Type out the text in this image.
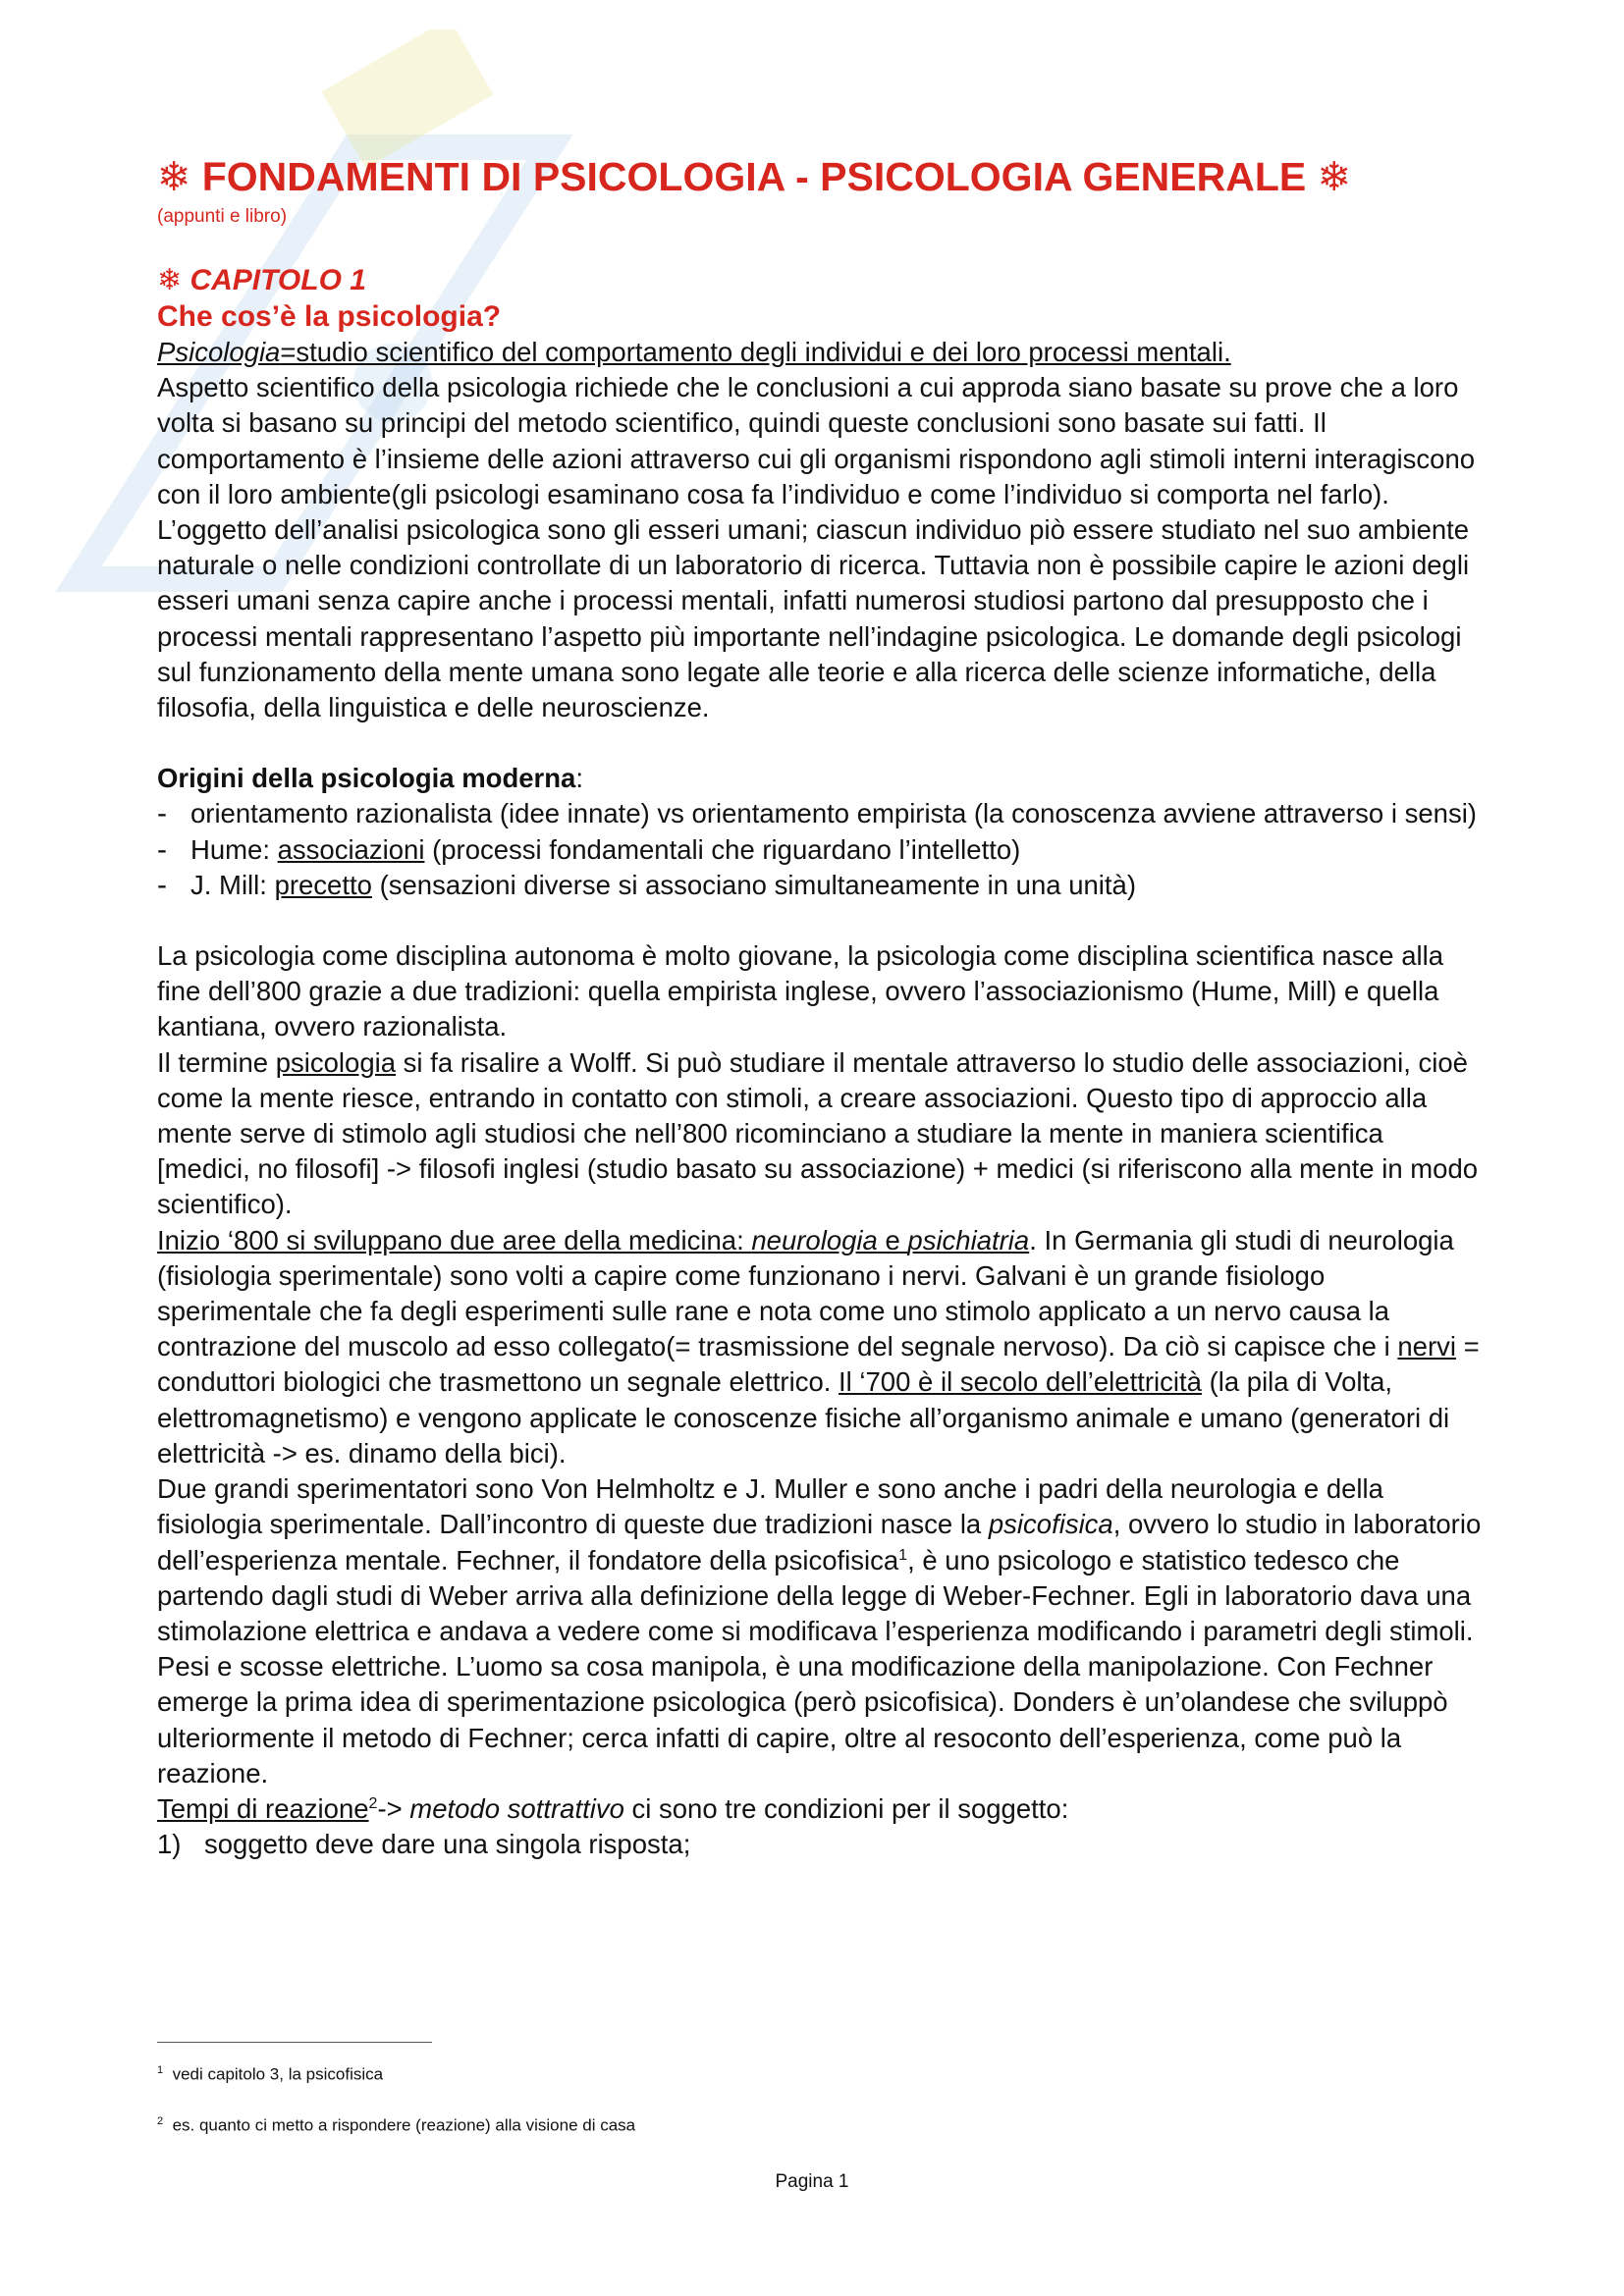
❄ FONDAMENTI DI PSICOLOGIA - PSICOLOGIA GENERALE ❄
(appunti e libro)
❄ CAPITOLO 1
Che cos’è la psicologia?

Psicologia=studio scientifico del comportamento degli individui e dei loro processi mentali.

Aspetto scientifico della psicologia richiede che le conclusioni a cui approda siano basate su prove che a loro volta si basano su principi del metodo scientifico, quindi queste conclusioni sono basate sui fatti. Il comportamento è l’insieme delle azioni attraverso cui gli organismi rispondono agli stimoli interni interagiscono con il loro ambiente(gli psicologi esaminano cosa fa l’individuo e come l’individuo si comporta nel farlo). L’oggetto dell’analisi psicologica sono gli esseri umani; ciascun individuo piò essere studiato nel suo ambiente naturale o nelle condizioni controllate di un laboratorio di ricerca. Tuttavia non è possibile capire le azioni degli esseri umani senza capire anche i processi mentali, infatti numerosi studiosi partono dal presupposto che i processi mentali rappresentano l’aspetto più importante nell’indagine psicologica. Le domande degli psicologi sul funzionamento della mente umana sono legate alle teorie e alla ricerca delle scienze informatiche, della filosofia, della linguistica e delle neuroscienze.

Origini della psicologia moderna:

- orientamento razionalista (idee innate) vs orientamento empirista (la conoscenza avviene attraverso i sensi)
- Hume: associazioni (processi fondamentali che riguardano l’intelletto)
- J. Mill: precetto (sensazioni diverse si associano simultaneamente in una unità)

La psicologia come disciplina autonoma è molto giovane, la psicologia come disciplina scientifica nasce alla fine dell’800 grazie a due tradizioni: quella empirista inglese, ovvero l’associazionismo (Hume, Mill) e quella kantiana, ovvero razionalista.

Il termine psicologia si fa risalire a Wolff. Si può studiare il mentale attraverso lo studio delle associazioni, cioè come la mente riesce, entrando in contatto con stimoli, a creare associazioni. Questo tipo di approccio alla mente serve di stimolo agli studiosi che nell’800 ricominciano a studiare la mente in maniera scientifica [medici, no filosofi] -> filosofi inglesi (studio basato su associazione) + medici (si riferiscono alla mente in modo scientifico).

Inizio ‘800 si sviluppano due aree della medicina: neurologia e psichiatria. In Germania gli studi di neurologia (fisiologia sperimentale) sono volti a capire come funzionano i nervi. Galvani è un grande fisiologo sperimentale che fa degli esperimenti sulle rane e nota come uno stimolo applicato a un nervo causa la contrazione del muscolo ad esso collegato(= trasmissione del segnale nervoso). Da ciò si capisce che i nervi = conduttori biologici che trasmettono un segnale elettrico. Il ‘700 è il secolo dell’elettricità (la pila di Volta, elettromagnetismo) e vengono applicate le conoscenze fisiche all’organismo animale e umano (generatori di elettricità -> es. dinamo della bici).

Due grandi sperimentatori sono Von Helmholtz e J. Muller e sono anche i padri della neurologia e della fisiologia sperimentale. Dall’incontro di queste due tradizioni nasce la psicofisica, ovvero lo studio in laboratorio dell’esperienza mentale. Fechner, il fondatore della psicofisica$^1$, è uno psicologo e statistico tedesco che partendo dagli studi di Weber arriva alla definizione della legge di Weber-Fechner. Egli in laboratorio dava una stimolazione elettrica e andava a vedere come si modificava l’esperienza modificando i parametri degli stimoli. Pesi e scosse elettriche. L’uomo sa cosa manipola, è una modificazione della manipolazione. Con Fechner emerge la prima idea di sperimentazione psicologica (però psicofisica). Donders è un’olandese che sviluppò ulteriormente il metodo di Fechner; cerca infatti di capire, oltre al resoconto dell’esperienza, come può la reazione.

Tempi di reazione$^2$-> metodo sottrattivo ci sono tre condizioni per il soggetto:

1) soggetto deve dare una singola risposta;
$^1$ vedi capitolo 3, la psicofisica
$^2$ es. quanto ci metto a rispondere (reazione) alla visione di casa
Pagina 1
